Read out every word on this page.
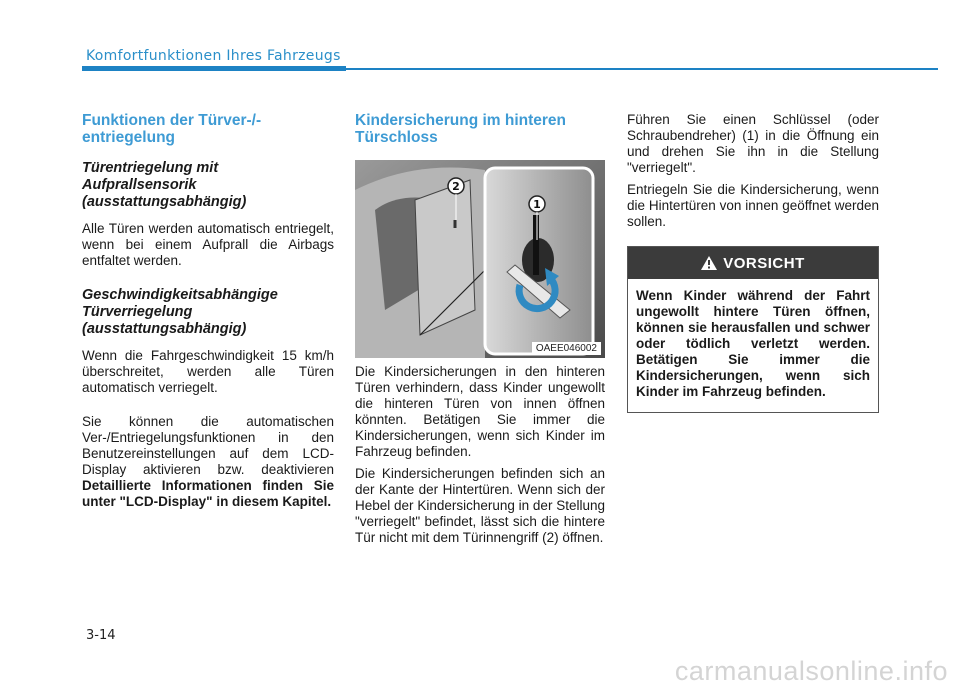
Komfortfunktionen Ihres Fahrzeugs
Funktionen der Türver-/-entriegelung
Türentriegelung mit Aufprallsensorik (ausstattungsabhängig)

Alle Türen werden automatisch entriegelt, wenn bei einem Aufprall die Airbags entfaltet werden.

Geschwindigkeitsabhängige Türverriegelung (ausstattungsabhängig)

Wenn die Fahrgeschwindigkeit 15 km/h überschreitet, werden alle Türen automatisch verriegelt.

Sie können die automatischen Ver-/Entriegelungsfunktionen in den Benutzereinstellungen auf dem LCD-Display aktivieren bzw. deaktivieren Detaillierte Informationen finden Sie unter "LCD-Display" in diesem Kapitel.

Kindersicherung im hinteren Türschloss
2
1
OAEE046002

Die Kindersicherungen in den hinteren Türen verhindern, dass Kinder ungewollt die hinteren Türen von innen öffnen könnten. Betätigen Sie immer die Kindersicherungen, wenn sich Kinder im Fahrzeug befinden.

Die Kindersicherungen befinden sich an der Kante der Hintertüren. Wenn sich der Hebel der Kindersicherung in der Stellung "verriegelt" befindet, lässt sich die hintere Tür nicht mit dem Türinnengriff (2) öffnen.

Führen Sie einen Schlüssel (oder Schraubendreher) (1) in die Öffnung ein und drehen Sie ihn in die Stellung "verriegelt".

Entriegeln Sie die Kindersicherung, wenn die Hintertüren von innen geöffnet werden sollen.

VORSICHT
Wenn Kinder während der Fahrt ungewollt hintere Türen öffnen, können sie herausfallen und schwer oder tödlich verletzt werden. Betätigen Sie immer die Kindersicherungen, wenn sich Kinder im Fahrzeug befinden.
3-14
carmanualsonline.info
